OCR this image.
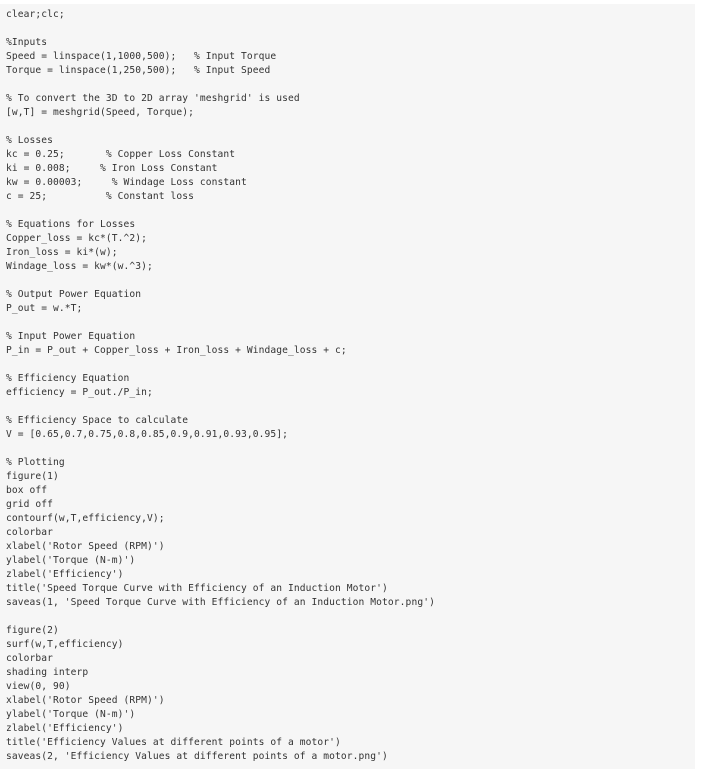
clear;clc;
%Inputs
Speed = linspace(1,1000,500);   % Input Torque
Torque = linspace(1,250,500);   % Input Speed
% To convert the 3D to 2D array 'meshgrid' is used
[w,T] = meshgrid(Speed, Torque);
% Losses
kc = 0.25;       % Copper Loss Constant
ki = 0.008;     % Iron Loss Constant
kw = 0.00003;     % Windage Loss constant
c = 25;          % Constant loss
% Equations for Losses
Copper_loss = kc*(T.^2);
Iron_loss = ki*(w);
Windage_loss = kw*(w.^3);
% Output Power Equation
P_out = w.*T;
% Input Power Equation
P_in = P_out + Copper_loss + Iron_loss + Windage_loss + c;
% Efficiency Equation
efficiency = P_out./P_in;
% Efficiency Space to calculate
V = [0.65,0.7,0.75,0.8,0.85,0.9,0.91,0.93,0.95];
% Plotting
figure(1)
box off
grid off
contourf(w,T,efficiency,V);
colorbar
xlabel('Rotor Speed (RPM)')
ylabel('Torque (N-m)')
zlabel('Efficiency')
title('Speed Torque Curve with Efficiency of an Induction Motor')
saveas(1, 'Speed Torque Curve with Efficiency of an Induction Motor.png')
figure(2)
surf(w,T,efficiency)
colorbar
shading interp
view(0, 90)
xlabel('Rotor Speed (RPM)')
ylabel('Torque (N-m)')
zlabel('Efficiency')
title('Efficiency Values at different points of a motor')
saveas(2, 'Efficiency Values at different points of a motor.png')
